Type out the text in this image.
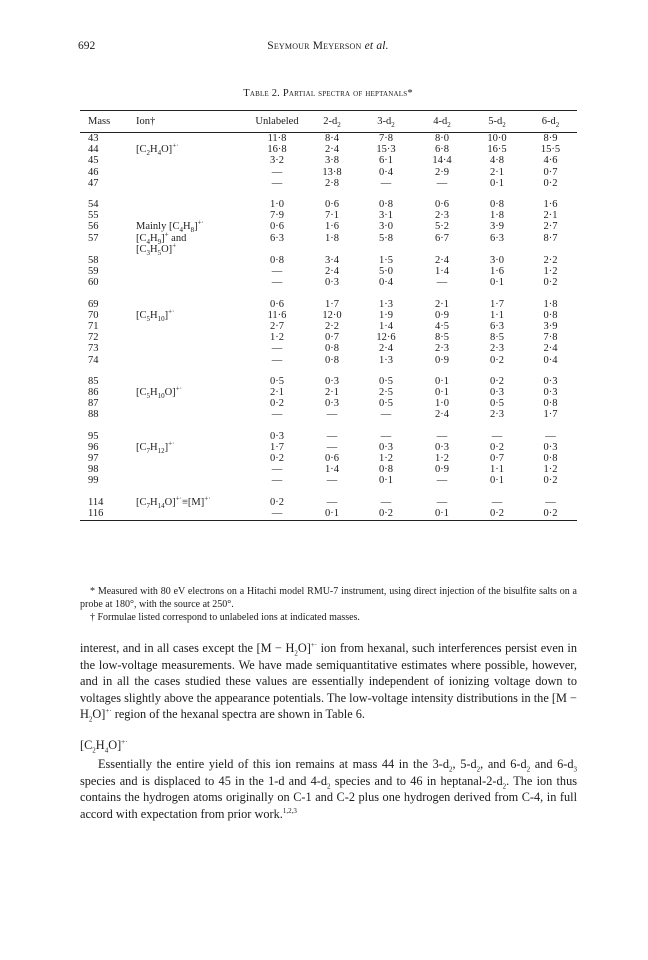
692	Seymour Meyerson et al.
Table 2. Partial spectra of heptanals*
Mass	Ion†	Unlabeled	$2-d_2$	$3-d_2$	$4-d_2$	$5-d_2$	$6-d_2$
43		11·8	8·4	7·8	8·0	10·0	8·9
44	$[C_2H_4O]^{+\cdot}$	16·8	2·4	15·3	6·8	16·5	15·5
45		3·2	3·8	6·1	14·4	4·8	4·6
46		—	13·8	0·4	2·9	2·1	0·7
47		—	2·8	—	—	0·1	0·2

54		1·0	0·6	0·8	0·6	0·8	1·6
55		7·9	7·1	3·1	2·3	1·8	2·1
56	Mainly $[C_4H_8]^{+\cdot}$	0·6	1·6	3·0	5·2	3·9	2·7
57	$[C_4H_9]^+$ and	6·3	1·8	5·8	6·7	6·3	8·7
	$[C_3H_5O]^+$						
58		0·8	3·4	1·5	2·4	3·0	2·2
59		—	2·4	5·0	1·4	1·6	1·2
60		—	0·3	0·4	—	0·1	0·2

69		0·6	1·7	1·3	2·1	1·7	1·8
70	$[C_5H_{10}]^{+\cdot}$	11·6	12·0	1·9	0·9	1·1	0·8
71		2·7	2·2	1·4	4·5	6·3	3·9
72		1·2	0·7	12·6	8·5	8·5	7·8
73		—	0·8	2·4	2·3	2·3	2·4
74		—	0·8	1·3	0·9	0·2	0·4

85		0·5	0·3	0·5	0·1	0·2	0·3
86	$[C_5H_{10}O]^{+\cdot}$	2·1	2·1	2·5	0·1	0·3	0·3
87		0·2	0·3	0·5	1·0	0·5	0·8
88		—	—	—	2·4	2·3	1·7

95		0·3	—	—	—	—	—
96	$[C_7H_{12}]^{+\cdot}$	1·7	—	0·3	0·3	0·2	0·3
97		0·2	0·6	1·2	1·2	0·7	0·8
98		—	1·4	0·8	0·9	1·1	1·2
99		—	—	0·1	—	0·1	0·2

114	$[C_7H_{14}O]^{+\cdot}\equiv[M]^{+\cdot}$	0·2	—	—	—	—	—
116		—	0·1	0·2	0·1	0·2	0·2
* Measured with 80 eV electrons on a Hitachi model RMU-7 instrument, using direct injection of the bisulfite salts on a probe at 180°, with the source at 250°.
† Formulae listed correspond to unlabeled ions at indicated masses.
interest, and in all cases except the $[M - H_2O]^{+\cdot}$ ion from hexanal, such interferences persist even in the low-voltage measurements. We have made semiquantitative estimates where possible, however, and in all the cases studied these values are essentially independent of ionizing voltage down to voltages slightly above the appearance potentials. The low-voltage intensity distributions in the $[M - H_2O]^{+\cdot}$ region of the hexanal spectra are shown in Table 6.
$[C_2H_4O]^{+\cdot}$
Essentially the entire yield of this ion remains at mass 44 in the $3-d_2$, $5-d_2$, and $6-d_2$ and $6-d_3$ species and is displaced to 45 in the 1-d and $4-d_2$ species and to 46 in heptanal-$2-d_2$. The ion thus contains the hydrogen atoms originally on C-1 and C-2 plus one hydrogen derived from C-4, in full accord with expectation from prior work.$^{1,2,3}$
